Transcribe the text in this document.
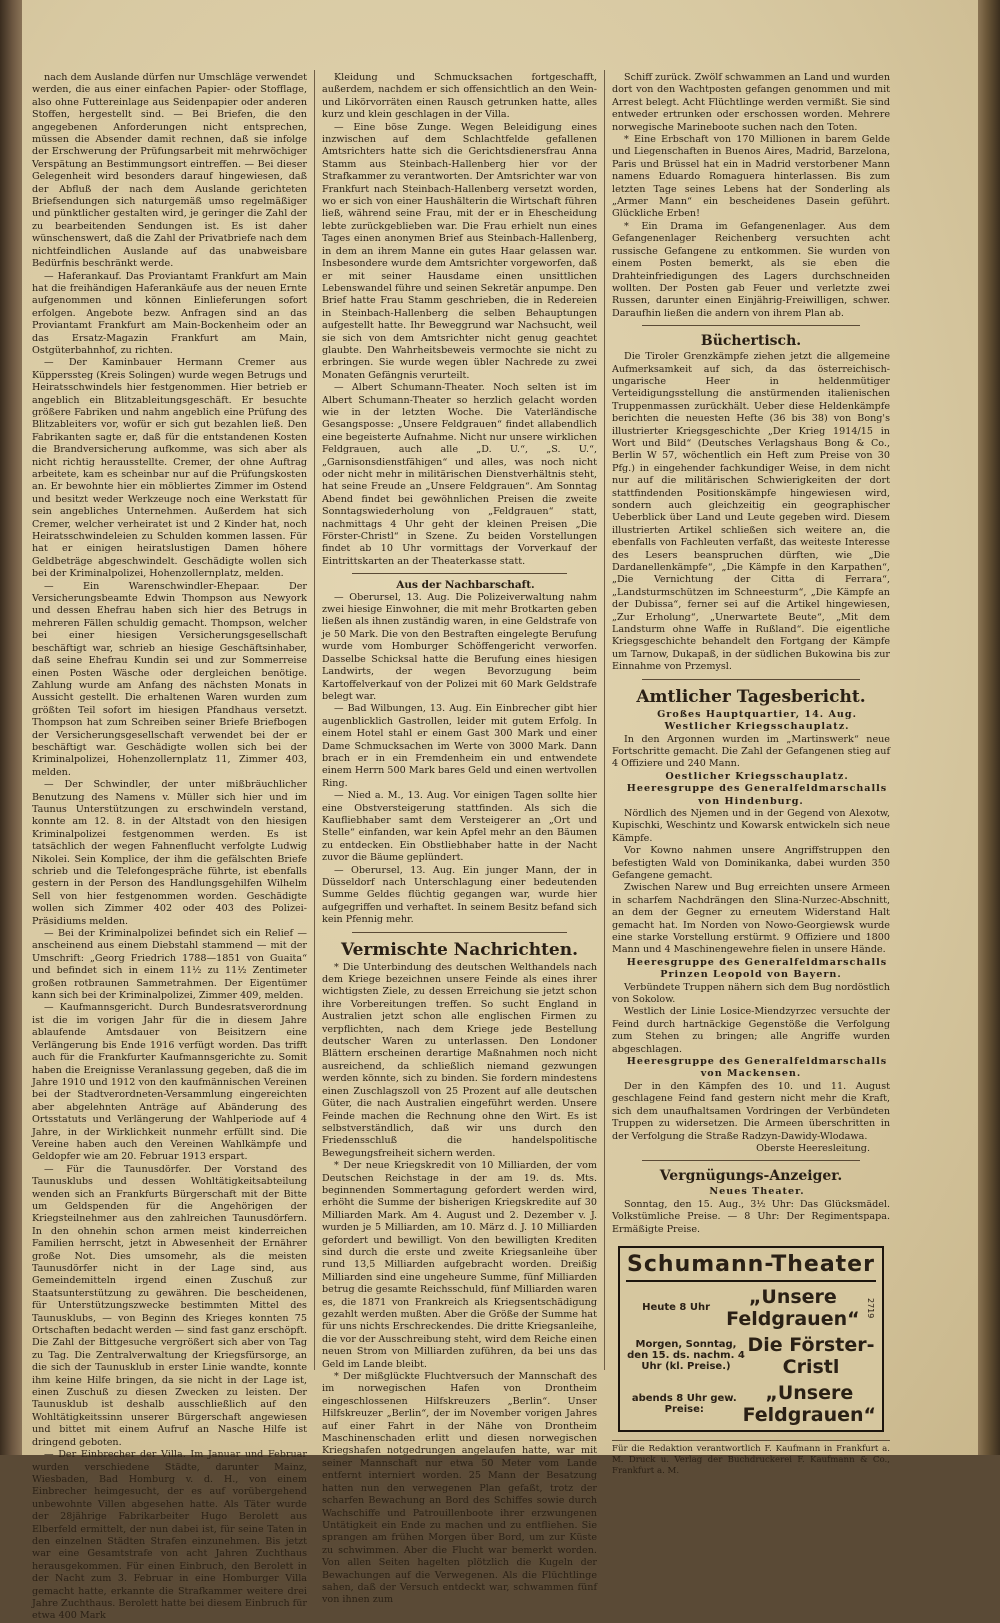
nach dem Auslande dürfen nur Umschläge verwendet werden, die aus einer einfachen Papier- oder Stofflage, also ohne Futtereinlage aus Seidenpapier oder anderen Stoffen, hergestellt sind. — Bei Briefen, die den angegebenen Anforderungen nicht entsprechen, müssen die Absender damit rechnen, daß sie infolge der Erschwerung der Prüfungsarbeit mit mehrwöchiger Verspätung an Bestimmungsort eintreffen. — Bei dieser Gelegenheit wird besonders darauf hingewiesen, daß der Abfluß der nach dem Auslande gerichteten Briefsendungen sich naturgemäß umso regelmäßiger und pünktlicher gestalten wird, je geringer die Zahl der zu bearbeitenden Sendungen ist. Es ist daher wünschenswert, daß die Zahl der Privatbriefe nach dem nichtfeindlichen Auslande auf das unabweisbare Bedürfnis beschränkt werde.

— Haferankauf. Das Proviantamt Frankfurt am Main hat die freihändigen Haferankäufe aus der neuen Ernte aufgenommen und können Einlieferungen sofort erfolgen. Angebote bezw. Anfragen sind an das Proviantamt Frankfurt am Main-Bockenheim oder an das Ersatz-Magazin Frankfurt am Main, Ostgüterbahnhof, zu richten.

— Der Kaminbauer Hermann Cremer aus Küpperssteg (Kreis Solingen) wurde wegen Betrugs und Heiratsschwindels hier festgenommen. Hier betrieb er angeblich ein Blitzableitungsgeschäft. Er besuchte größere Fabriken und nahm angeblich eine Prüfung des Blitzableiters vor, wofür er sich gut bezahlen ließ. Den Fabrikanten sagte er, daß für die entstandenen Kosten die Brandversicherung aufkomme, was sich aber als nicht richtig herausstellte. Cremer, der ohne Auftrag arbeitete, kam es scheinbar nur auf die Prüfungskosten an. Er bewohnte hier ein möbliertes Zimmer im Ostend und besitzt weder Werkzeuge noch eine Werkstatt für sein angebliches Unternehmen. Außerdem hat sich Cremer, welcher verheiratet ist und 2 Kinder hat, noch Heiratsschwindeleien zu Schulden kommen lassen. Für hat er einigen heiratslustigen Damen höhere Geldbeträge abgeschwindelt. Geschädigte wollen sich bei der Kriminalpolizei, Hohenzollernplatz, melden.

— Ein Warenschwindler-Ehepaar. Der Versicherungsbeamte Edwin Thompson aus Newyork und dessen Ehefrau haben sich hier des Betrugs in mehreren Fällen schuldig gemacht. Thompson, welcher bei einer hiesigen Versicherungsgesellschaft beschäftigt war, schrieb an hiesige Geschäftsinhaber, daß seine Ehefrau Kundin sei und zur Sommerreise einen Posten Wäsche oder dergleichen benötige. Zahlung wurde am Anfang des nächsten Monats in Aussicht gestellt. Die erhaltenen Waren wurden zum größten Teil sofort im hiesigen Pfandhaus versetzt. Thompson hat zum Schreiben seiner Briefe Briefbogen der Versicherungsgesellschaft verwendet bei der er beschäftigt war. Geschädigte wollen sich bei der Kriminalpolizei, Hohenzollernplatz 11, Zimmer 403, melden.

— Der Schwindler, der unter mißbräuchlicher Benutzung des Namens v. Müller sich hier und im Taunus Unterstützungen zu erschwindeln verstand, konnte am 12. 8. in der Altstadt von den hiesigen Kriminalpolizei festgenommen werden. Es ist tatsächlich der wegen Fahnenflucht verfolgte Ludwig Nikolei. Sein Komplice, der ihm die gefälschten Briefe schrieb und die Telefongespräche führte, ist ebenfalls gestern in der Person des Handlungsgehilfen Wilhelm Sell von hier festgenommen worden. Geschädigte wollen sich Zimmer 402 oder 403 des Polizei-Präsidiums melden.

— Bei der Kriminalpolizei befindet sich ein Relief — anscheinend aus einem Diebstahl stammend — mit der Umschrift: „Georg Friedrich 1788—1851 von Guaita“ und befindet sich in einem 11½ zu 11½ Zentimeter großen rotbraunen Sammetrahmen. Der Eigentümer kann sich bei der Kriminalpolizei, Zimmer 409, melden.

— Kaufmannsgericht. Durch Bundesratsverordnung ist die im vorigen Jahr für die in diesem Jahre ablaufende Amtsdauer von Beisitzern eine Verlängerung bis Ende 1916 verfügt worden. Das trifft auch für die Frankfurter Kaufmannsgerichte zu. Somit haben die Ereignisse Veranlassung gegeben, daß die im Jahre 1910 und 1912 von den kaufmännischen Vereinen bei der Stadtverordneten-Versammlung eingereichten aber abgelehnten Anträge auf Abänderung des Ortsstatuts und Verlängerung der Wahlperiode auf 4 Jahre, in der Wirklichkeit nunmehr erfüllt sind. Die Vereine haben auch den Vereinen Wahlkämpfe und Geldopfer wie am 20. Februar 1913 erspart.

— Für die Taunusdörfer. Der Vorstand des Taunusklubs und dessen Wohltätigkeitsabteilung wenden sich an Frankfurts Bürgerschaft mit der Bitte um Geldspenden für die Angehörigen der Kriegsteilnehmer aus den zahlreichen Taunusdörfern. In den ohnehin schon armen meist kinderreichen Familien herrscht, jetzt in Abwesenheit der Ernährer große Not. Dies umsomehr, als die meisten Taunusdörfer nicht in der Lage sind, aus Gemeindemitteln irgend einen Zuschuß zur Staatsunterstützung zu gewähren. Die bescheidenen, für Unterstützungszwecke bestimmten Mittel des Taunusklubs, — von Beginn des Krieges konnten 75 Ortschaften bedacht werden — sind fast ganz erschöpft. Die Zahl der Bittgesuche vergrößert sich aber von Tag zu Tag. Die Zentralverwaltung der Kriegsfürsorge, an die sich der Taunusklub in erster Linie wandte, konnte ihm keine Hilfe bringen, da sie nicht in der Lage ist, einen Zuschuß zu diesen Zwecken zu leisten. Der Taunusklub ist deshalb ausschließlich auf den Wohltätigkeitssinn unserer Bürgerschaft angewiesen und bittet mit einem Aufruf an Nasche Hilfe ist dringend geboten.

— Der Einbrecher der Villa. Im Januar und Februar wurden verschiedene Städte, darunter Mainz, Wiesbaden, Bad Homburg v. d. H., von einem Einbrecher heimgesucht, der es auf vorübergehend unbewohnte Villen abgesehen hatte. Als Täter wurde der 28jährige Fabrikarbeiter Hugo Berolett aus Elberfeld ermittelt, der nun dabei ist, für seine Taten in den einzelnen Städten Strafen einzunehmen. Bis jetzt war eine Gesamtstrafe von acht Jahren Zuchthaus herausgekommen. Für einen Einbruch, den Berolett in der Nacht zum 3. Februar in eine Homburger Villa gemacht hatte, erkannte die Strafkammer weitere drei Jahre Zuchthaus. Berolett hatte bei diesem Einbruch für etwa 400 Mark

Kleidung und Schmucksachen fortgeschafft, außerdem, nachdem er sich offensichtlich an den Wein- und Likörvorräten einen Rausch getrunken hatte, alles kurz und klein geschlagen in der Villa.

— Eine böse Zunge. Wegen Beleidigung eines inzwischen auf dem Schlachtfelde gefallenen Amtsrichters hatte sich die Gerichtsdienersfrau Anna Stamm aus Steinbach-Hallenberg hier vor der Strafkammer zu verantworten. Der Amtsrichter war von Frankfurt nach Steinbach-Hallenberg versetzt worden, wo er sich von einer Haushälterin die Wirtschaft führen ließ, während seine Frau, mit der er in Ehescheidung lebte zurückgeblieben war. Die Frau erhielt nun eines Tages einen anonymen Brief aus Steinbach-Hallenberg, in dem an ihrem Manne ein gutes Haar gelassen war. Insbesondere wurde dem Amtsrichter vorgeworfen, daß er mit seiner Hausdame einen unsittlichen Lebenswandel führe und seinen Sekretär anpumpe. Den Brief hatte Frau Stamm geschrieben, die in Redereien in Steinbach-Hallenberg die selben Behauptungen aufgestellt hatte. Ihr Beweggrund war Nachsucht, weil sie sich von dem Amtsrichter nicht genug geachtet glaubte. Den Wahrheitsbeweis vermochte sie nicht zu erbringen. Sie wurde wegen übler Nachrede zu zwei Monaten Gefängnis verurteilt.

— Albert Schumann-Theater. Noch selten ist im Albert Schumann-Theater so herzlich gelacht worden wie in der letzten Woche. Die Vaterländische Gesangsposse: „Unsere Feldgrauen“ findet allabendlich eine begeisterte Aufnahme. Nicht nur unsere wirklichen Feldgrauen, auch alle „D. U.“, „S. U.“, „Garnisonsdienstfähigen“ und alles, was noch nicht oder nicht mehr in militärischen Dienstverhältnis steht, hat seine Freude an „Unsere Feldgrauen“. Am Sonntag Abend findet bei gewöhnlichen Preisen die zweite Sonntagswiederholung von „Feldgrauen“ statt, nachmittags 4 Uhr geht der kleinen Preisen „Die Förster-Christl“ in Szene. Zu beiden Vorstellungen findet ab 10 Uhr vormittags der Vorverkauf der Eintrittskarten an der Theaterkasse statt.

Aus der Nachbarschaft.

— Oberursel, 13. Aug. Die Polizeiverwaltung nahm zwei hiesige Einwohner, die mit mehr Brotkarten geben ließen als ihnen zuständig waren, in eine Geldstrafe von je 50 Mark. Die von den Bestraften eingelegte Berufung wurde vom Homburger Schöffengericht verworfen. Dasselbe Schicksal hatte die Berufung eines hiesigen Landwirts, der wegen Bevorzugung beim Kartoffelverkauf von der Polizei mit 60 Mark Geldstrafe belegt war.

— Bad Wilbungen, 13. Aug. Ein Einbrecher gibt hier augenblicklich Gastrollen, leider mit gutem Erfolg. In einem Hotel stahl er einem Gast 300 Mark und einer Dame Schmucksachen im Werte von 3000 Mark. Dann brach er in ein Fremdenheim ein und entwendete einem Herrn 500 Mark bares Geld und einen wertvollen Ring.

— Nied a. M., 13. Aug. Vor einigen Tagen sollte hier eine Obstversteigerung stattfinden. Als sich die Kaufliebhaber samt dem Versteigerer an „Ort und Stelle“ einfanden, war kein Apfel mehr an den Bäumen zu entdecken. Ein Obstliebhaber hatte in der Nacht zuvor die Bäume geplündert.

— Oberursel, 13. Aug. Ein junger Mann, der in Düsseldorf nach Unterschlagung einer bedeutenden Summe Geldes flüchtig gegangen war, wurde hier aufgegriffen und verhaftet. In seinem Besitz befand sich kein Pfennig mehr.

Vermischte Nachrichten.

* Die Unterbindung des deutschen Welthandels nach dem Kriege bezeichnen unsere Feinde als eines ihrer wichtigsten Ziele, zu dessen Erreichung sie jetzt schon ihre Vorbereitungen treffen. So sucht England in Australien jetzt schon alle englischen Firmen zu verpflichten, nach dem Kriege jede Bestellung deutscher Waren zu unterlassen. Den Londoner Blättern erscheinen derartige Maßnahmen noch nicht ausreichend, da schließlich niemand gezwungen werden könnte, sich zu binden. Sie fordern mindestens einen Zuschlagszoll von 25 Prozent auf alle deutschen Güter, die nach Australien eingeführt werden. Unsere Feinde machen die Rechnung ohne den Wirt. Es ist selbstverständlich, daß wir uns durch den Friedensschluß die handelspolitische Bewegungsfreiheit sichern werden.

* Der neue Kriegskredit von 10 Milliarden, der vom Deutschen Reichstage in der am 19. ds. Mts. beginnenden Sommertagung gefordert werden wird, erhöht die Summe der bisherigen Kriegskredite auf 30 Milliarden Mark. Am 4. August und 2. Dezember v. J. wurden je 5 Milliarden, am 10. März d. J. 10 Milliarden gefordert und bewilligt. Von den bewilligten Krediten sind durch die erste und zweite Kriegsanleihe über rund 13,5 Milliarden aufgebracht worden. Dreißig Milliarden sind eine ungeheure Summe, fünf Milliarden betrug die gesamte Reichsschuld, fünf Milliarden waren es, die 1871 von Frankreich als Kriegsentschädigung gezahlt werden mußten. Aber die Größe der Summe hat für uns nichts Erschreckendes. Die dritte Kriegsanleihe, die vor der Ausschreibung steht, wird dem Reiche einen neuen Strom von Milliarden zuführen, da bei uns das Geld im Lande bleibt.

* Der mißglückte Fluchtversuch der Mannschaft des im norwegischen Hafen von Drontheim eingeschlossenen Hilfskreuzers „Berlin“. Unser Hilfskreuzer „Berlin“, der im November vorigen Jahres auf einer Fahrt in der Nähe von Drontheim Maschinenschaden erlitt und diesen norwegischen Kriegshafen notgedrungen angelaufen hatte, war mit seiner Mannschaft nur etwa 50 Meter vom Lande entfernt interniert worden. 25 Mann der Besatzung hatten nun den verwegenen Plan gefaßt, trotz der scharfen Bewachung an Bord des Schiffes sowie durch Wachschiffe und Patrouillenboote ihrer erzwungenen Untätigkeit ein Ende zu machen und zu entfliehen. Sie sprangen am frühen Morgen über Bord, um zur Küste zu schwimmen. Aber die Flucht war bemerkt worden. Von allen Seiten hagelten plötzlich die Kugeln der Bewachungen auf die Verwegenen. Als die Flüchtlinge sahen, daß der Versuch entdeckt war, schwammen fünf von ihnen zum

Schiff zurück. Zwölf schwammen an Land und wurden dort von den Wachtposten gefangen genommen und mit Arrest belegt. Acht Flüchtlinge werden vermißt. Sie sind entweder ertrunken oder erschossen worden. Mehrere norwegische Marineboote suchen nach den Toten.

* Eine Erbschaft von 170 Millionen in barem Gelde und Liegenschaften in Buenos Aires, Madrid, Barzelona, Paris und Brüssel hat ein in Madrid verstorbener Mann namens Eduardo Romaguera hinterlassen. Bis zum letzten Tage seines Lebens hat der Sonderling als „Armer Mann“ ein bescheidenes Dasein geführt. Glückliche Erben!

* Ein Drama im Gefangenenlager. Aus dem Gefangenenlager Reichenberg versuchten acht russische Gefangene zu entkommen. Sie wurden von einem Posten bemerkt, als sie eben die Drahteinfriedigungen des Lagers durchschneiden wollten. Der Posten gab Feuer und verletzte zwei Russen, darunter einen Einjährig-Freiwilligen, schwer. Daraufhin ließen die andern von ihrem Plan ab.

Büchertisch.

Die Tiroler Grenzkämpfe ziehen jetzt die allgemeine Aufmerksamkeit auf sich, da das österreichisch-ungarische Heer in heldenmütiger Verteidigungsstellung die anstürmenden italienischen Truppenmassen zurückhält. Ueber diese Heldenkämpfe berichten die neuesten Hefte (36 bis 38) von Bong's illustrierter Kriegsgeschichte „Der Krieg 1914/15 in Wort und Bild“ (Deutsches Verlagshaus Bong & Co., Berlin W 57, wöchentlich ein Heft zum Preise von 30 Pfg.) in eingehender fachkundiger Weise, in dem nicht nur auf die militärischen Schwierigkeiten der dort stattfindenden Positionskämpfe hingewiesen wird, sondern auch gleichzeitig ein geographischer Ueberblick über Land und Leute gegeben wird. Diesem illustrierten Artikel schließen sich weitere an, die ebenfalls von Fachleuten verfaßt, das weiteste Interesse des Lesers beanspruchen dürften, wie „Die Dardanellenkämpfe“, „Die Kämpfe in den Karpathen“, „Die Vernichtung der Citta di Ferrara“, „Landsturmschützen im Schneesturm“, „Die Kämpfe an der Dubissa“, ferner sei auf die Artikel hingewiesen, „Zur Erholung“, „Unerwartete Beute“, „Mit dem Landsturm ohne Waffe in Rußland“. Die eigentliche Kriegsgeschichte behandelt den Fortgang der Kämpfe um Tarnow, Dukapaß, in der südlichen Bukowina bis zur Einnahme von Przemysl.

Amtlicher Tagesbericht.

Großes Hauptquartier, 14. Aug.

Westlicher Kriegsschauplatz.

In den Argonnen wurden im „Martinswerk“ neue Fortschritte gemacht. Die Zahl der Gefangenen stieg auf 4 Offiziere und 240 Mann.

Oestlicher Kriegsschauplatz.

Heeresgruppe des Generalfeldmarschalls von Hindenburg.

Nördlich des Njemen und in der Gegend von Alexotw, Kupischki, Weschintz und Kowarsk entwickeln sich neue Kämpfe.

Vor Kowno nahmen unsere Angriffstruppen den befestigten Wald von Dominikanka, dabei wurden 350 Gefangene gemacht.

Zwischen Narew und Bug erreichten unsere Armeen in scharfem Nachdrängen den Slina-Nurzec-Abschnitt, an dem der Gegner zu erneutem Widerstand Halt gemacht hat. Im Norden von Nowo-Georgiewsk wurde eine starke Vorstellung erstürmt. 9 Offiziere und 1800 Mann und 4 Maschinengewehre fielen in unsere Hände.

Heeresgruppe des Generalfeldmarschalls Prinzen Leopold von Bayern.

Verbündete Truppen nähern sich dem Bug nordöstlich von Sokolow.

Westlich der Linie Losice-Miendzyrzec versuchte der Feind durch hartnäckige Gegenstöße die Verfolgung zum Stehen zu bringen; alle Angriffe wurden abgeschlagen.

Heeresgruppe des Generalfeldmarschalls von Mackensen.

Der in den Kämpfen des 10. und 11. August geschlagene Feind fand gestern nicht mehr die Kraft, sich dem unaufhaltsamen Vordringen der Verbündeten Truppen zu widersetzen. Die Armeen überschritten in der Verfolgung die Straße Radzyn-Dawidy-Wlodawa.

Oberste Heeresleitung.

Vergnügungs-Anzeiger.

Neues Theater.

Sonntag, den 15. Aug., 3½ Uhr: Das Glücksmädel. Volkstümliche Preise. — 8 Uhr: Der Regimentspapa. Ermäßigte Preise.

Schumann-Theater
Heute 8 Uhr	„Unsere Feldgrauen“
2719
Morgen, Sonntag, den 15. ds. nachm. 4 Uhr (kl. Preise.)
Die Förster-Cristl
abends 8 Uhr gew. Preise:
„Unsere Feldgrauen“

Für die Redaktion verantwortlich F. Kaufmann in Frankfurt a. M. Druck u. Verlag der Buchdruckerei F. Kaufmann & Co., Frankfurt a. M.
